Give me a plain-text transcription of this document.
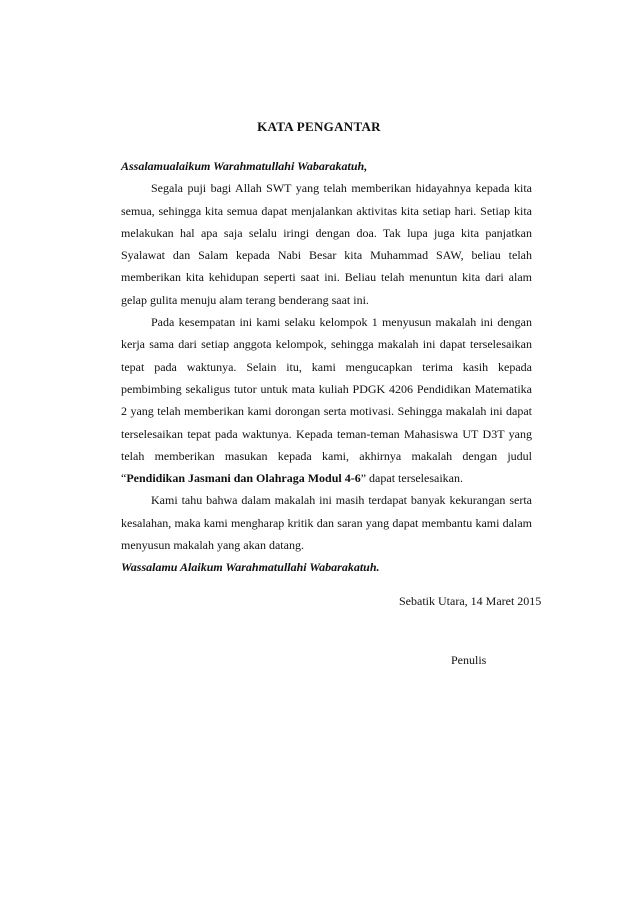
KATA PENGANTAR

Assalamualaikum Warahmatullahi Wabarakatuh,

Segala puji bagi Allah SWT yang telah memberikan hidayahnya kepada kita semua, sehingga kita semua dapat menjalankan aktivitas kita setiap hari. Setiap kita melakukan hal apa saja selalu iringi dengan doa. Tak lupa juga kita panjatkan Syalawat dan Salam kepada Nabi Besar kita Muhammad SAW, beliau telah memberikan kita kehidupan seperti saat ini. Beliau telah menuntun kita dari alam gelap gulita menuju alam terang benderang saat ini.

Pada kesempatan ini kami selaku kelompok 1 menyusun makalah ini dengan kerja sama dari setiap anggota kelompok, sehingga makalah ini dapat terselesaikan tepat pada waktunya. Selain itu, kami mengucapkan terima kasih kepada pembimbing sekaligus tutor untuk mata kuliah PDGK 4206 Pendidikan Matematika 2 yang telah memberikan kami dorongan serta motivasi. Sehingga makalah ini dapat terselesaikan tepat pada waktunya. Kepada teman-teman Mahasiswa UT D3T yang telah memberikan masukan kepada kami, akhirnya makalah dengan judul “Pendidikan Jasmani dan Olahraga Modul 4-6” dapat terselesaikan.

Kami tahu bahwa dalam makalah ini masih terdapat banyak kekurangan serta kesalahan, maka kami mengharap kritik dan saran yang dapat membantu kami dalam menyusun makalah yang akan datang.

Wassalamu Alaikum Warahmatullahi Wabarakatuh.

Sebatik Utara, 14 Maret 2015
Penulis
